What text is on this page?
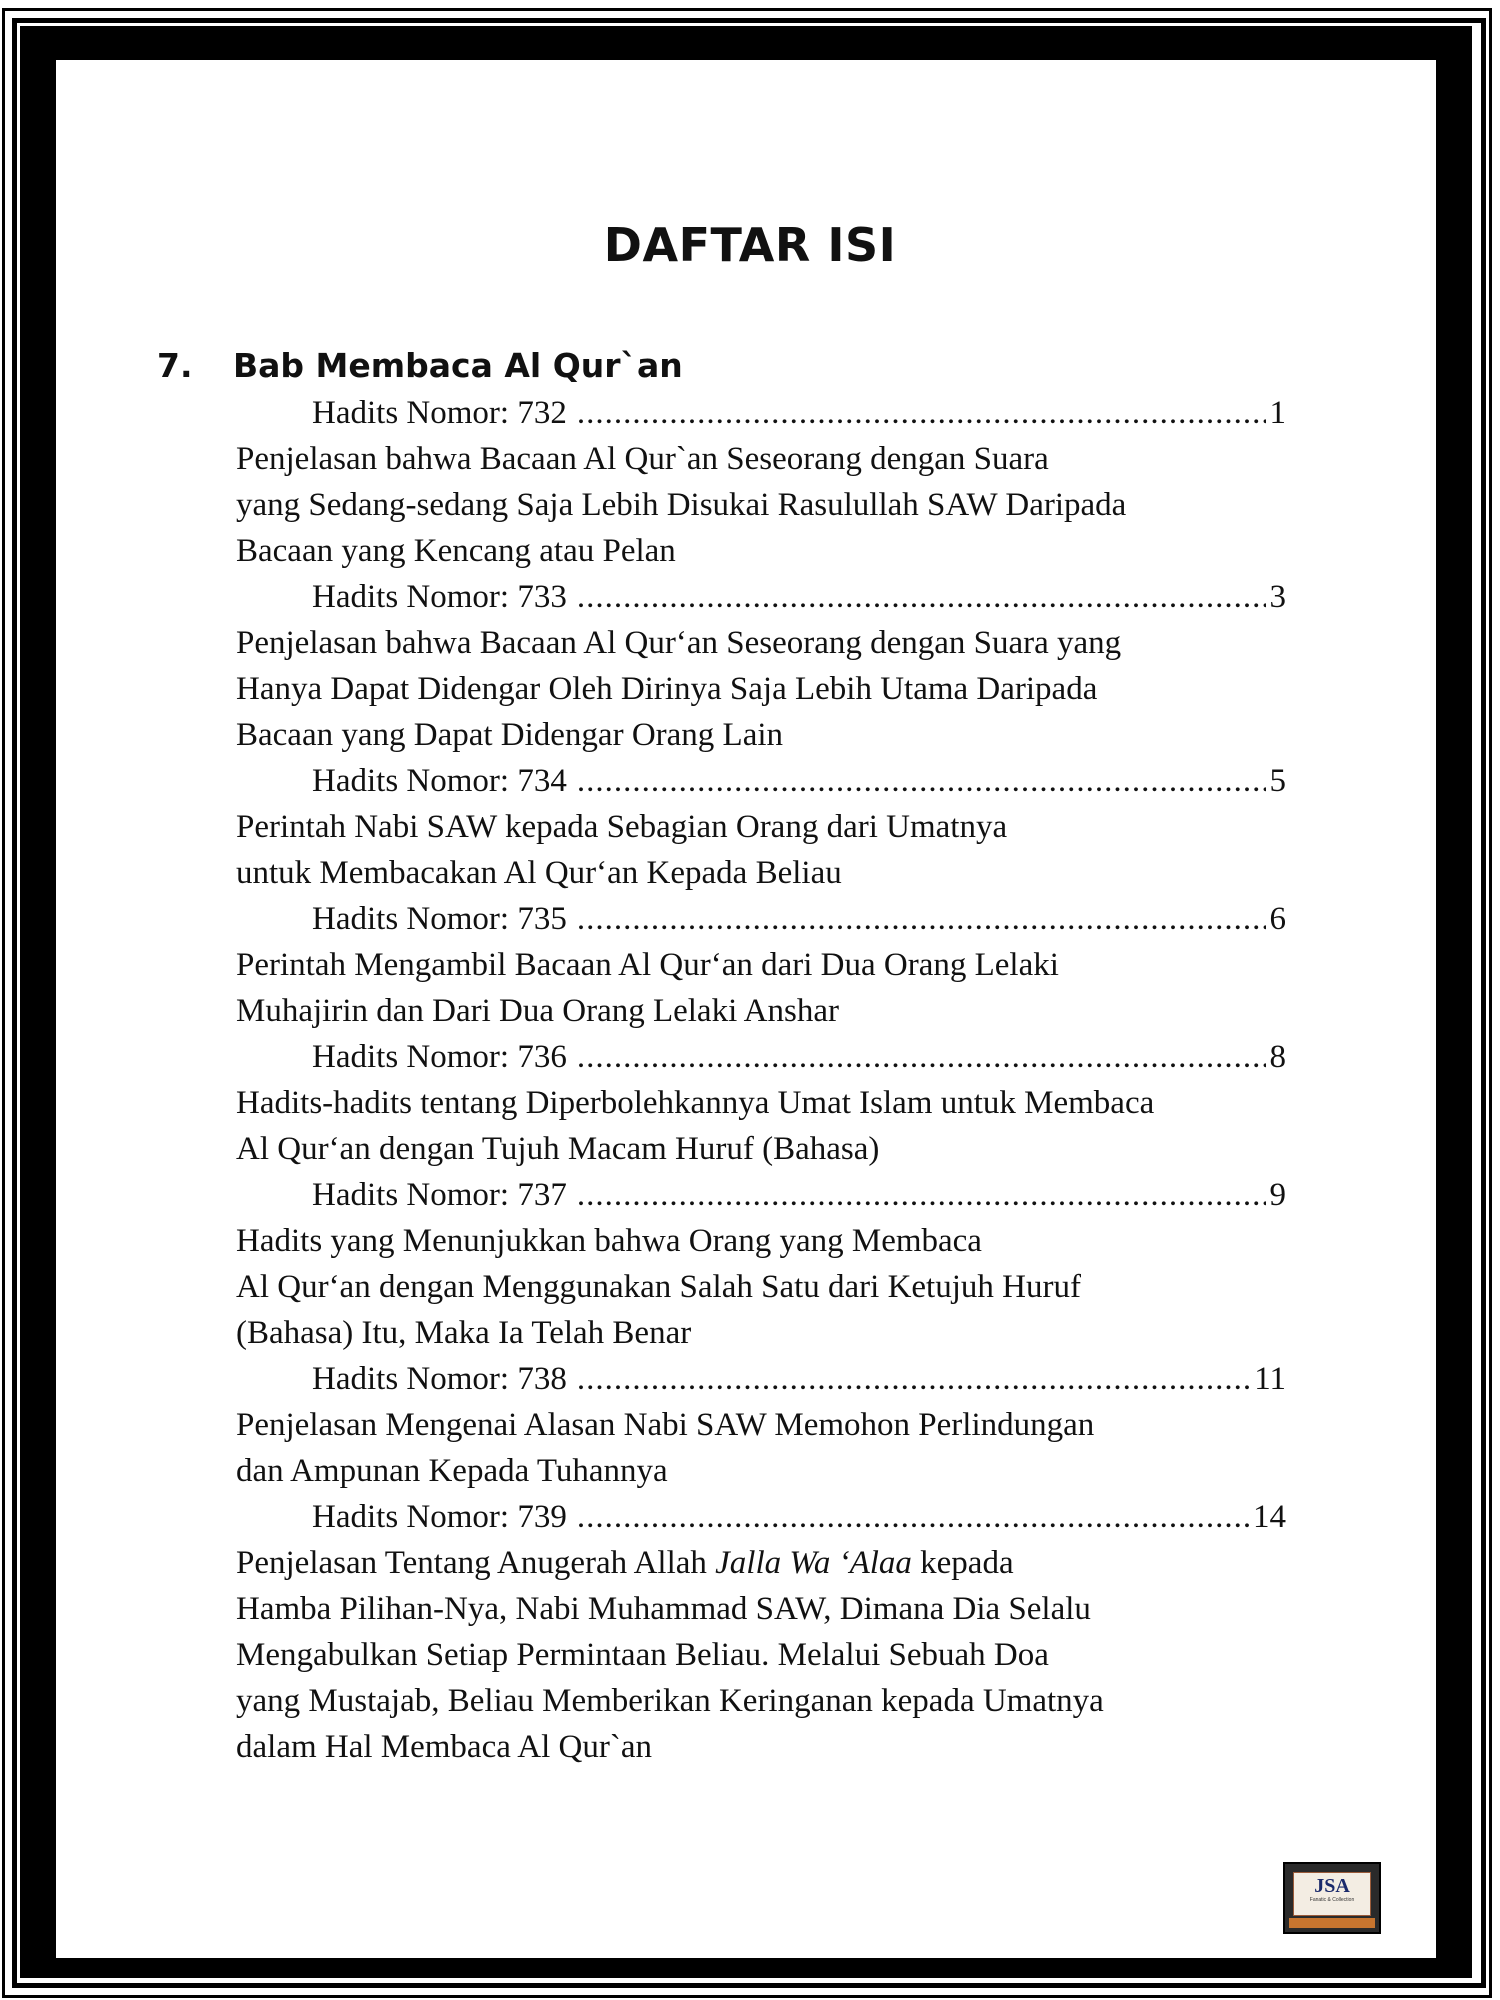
DAFTAR ISI
7. Bab Membaca Al Qur`an
Hadits Nomor: 732 .....	1
Penjelasan bahwa Bacaan Al Qur`an Seseorang dengan Suara
yang Sedang-sedang Saja Lebih Disukai Rasulullah SAW Daripada
Bacaan yang Kencang atau Pelan
Hadits Nomor: 733 .....	3
Penjelasan bahwa Bacaan Al Qur‘an Seseorang dengan Suara yang
Hanya Dapat Didengar Oleh Dirinya Saja Lebih Utama Daripada
Bacaan yang Dapat Didengar Orang Lain
Hadits Nomor: 734 .....	5
Perintah Nabi SAW kepada Sebagian Orang dari Umatnya
untuk Membacakan Al Qur‘an Kepada Beliau
Hadits Nomor: 735 .....	6
Perintah Mengambil Bacaan Al Qur‘an dari Dua Orang Lelaki
Muhajirin dan Dari Dua Orang Lelaki Anshar
Hadits Nomor: 736 .....	8
Hadits-hadits tentang Diperbolehkannya Umat Islam untuk Membaca
Al Qur‘an dengan Tujuh Macam Huruf (Bahasa)
Hadits Nomor: 737 .....	9
Hadits yang Menunjukkan bahwa Orang yang Membaca
Al Qur‘an dengan Menggunakan Salah Satu dari Ketujuh Huruf
(Bahasa) Itu, Maka Ia Telah Benar
Hadits Nomor: 738 .....	11
Penjelasan Mengenai Alasan Nabi SAW Memohon Perlindungan
dan Ampunan Kepada Tuhannya
Hadits Nomor: 739 .....	14
Penjelasan Tentang Anugerah Allah Jalla Wa ‘Alaa kepada
Hamba Pilihan-Nya, Nabi Muhammad SAW, Dimana Dia Selalu
Mengabulkan Setiap Permintaan Beliau. Melalui Sebuah Doa
yang Mustajab, Beliau Memberikan Keringanan kepada Umatnya
dalam Hal Membaca Al Qur`an
JSA
Fanatic & Collection
